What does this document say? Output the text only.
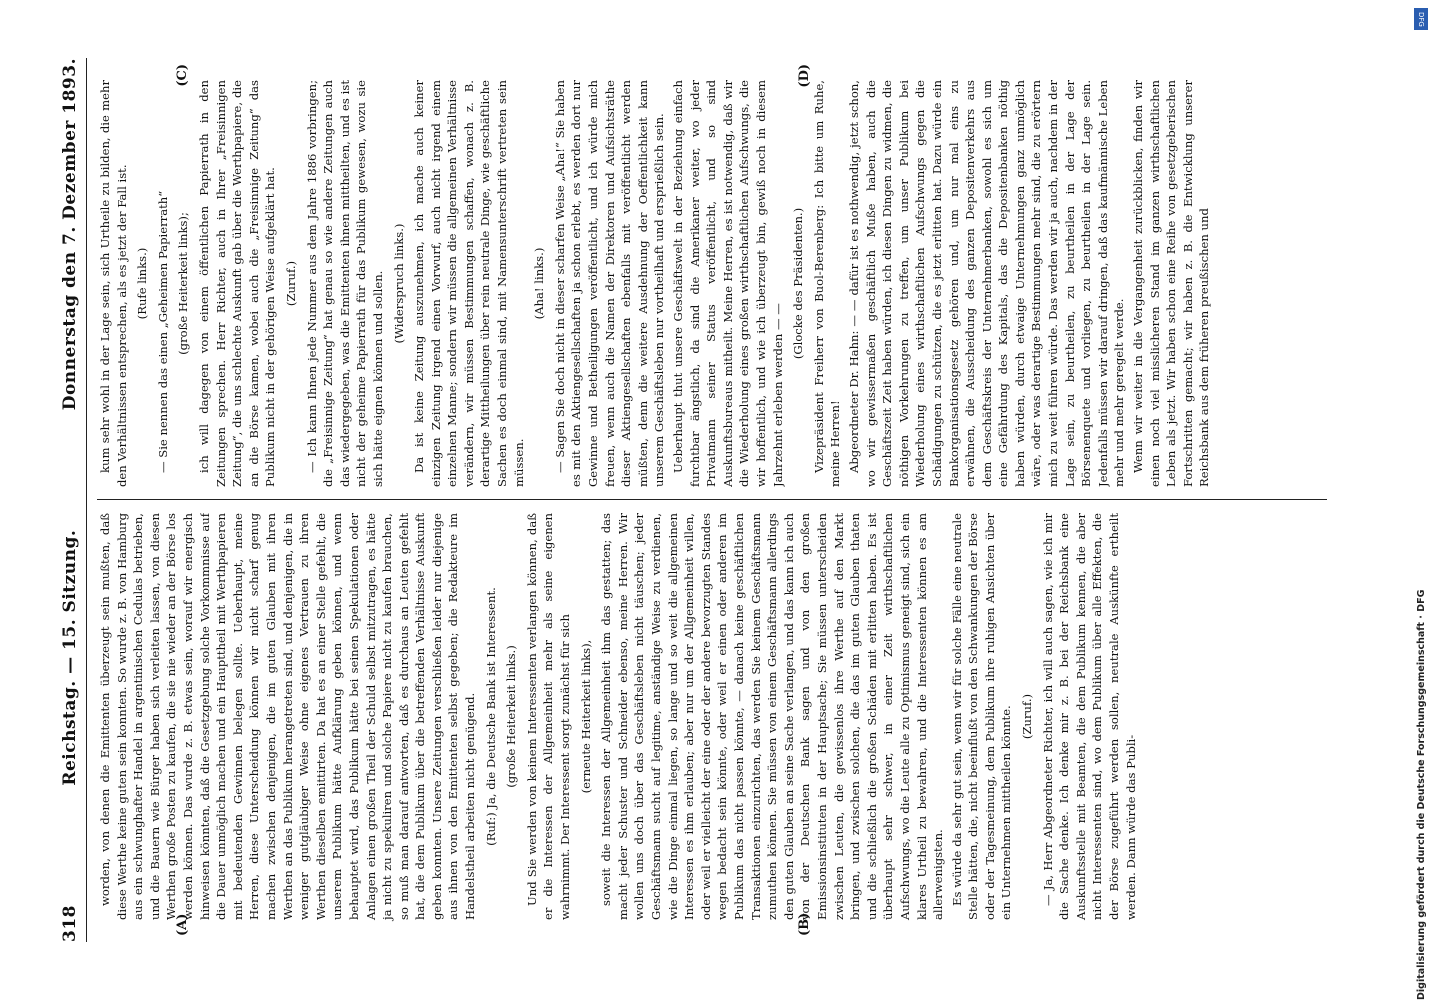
318
Reichstag. — 15. Sitzung.
Donnerstag den 7. Dezember 1893.
(A)	(B)
(C)	(D)

worden, von denen die Emittenten überzeugt sein mußten, daß diese Werthe keine guten sein konnten. So wurde z. B. von Hamburg aus ein schwunghafter Handel in argentinischen Cedulas betrieben, und die Bauern wie Bürger haben sich verleiten lassen, von diesen Werthen große Posten zu kaufen, die sie nie wieder an der Börse los werden können. Das wurde z. B. etwas sein, worauf wir energisch hinweisen könnten, daß die Gesetzgebung solche Vorkommnisse auf die Dauer unmöglich machen und ein Haupttheil mit Werthpapieren mit bedeutenden Gewinnen belegen sollte. Ueberhaupt, meine Herren, diese Unterscheidung können wir nicht scharf genug machen zwischen denjenigen, die im guten Glauben mit ihren Werthen an das Publikum herangetreten sind, und denjenigen, die in weniger gutgläubiger Weise ohne eigenes Vertrauen zu ihren Werthen dieselben emittirten. Da hat es an einer Stelle gefehlt, die unserem Publikum hätte Aufklärung geben können, und wenn behauptet wird, das Publikum hätte bei seinen Spekulationen oder Anlagen einen großen Theil der Schuld selbst mitzutragen, es hätte ja nicht zu spekuliren und solche Papiere nicht zu kaufen brauchen, so muß man darauf antworten, daß es durchaus an Leuten gefehlt hat, die dem Publikum über die betreffenden Verhältnisse Auskunft geben konnten. Unsere Zeitungen verschließen leider nur diejenige aus ihnen von den Emittenten selbst gegeben; die Redakteure im Handelstheil arbeiten nicht genügend. (Ruf:) Ja, die Deutsche Bank ist Interessent. (große Heiterkeit links.) Und Sie werden von keinem Interessenten verlangen können, daß er die Interessen der Allgemeinheit mehr als seine eigenen wahrnimmt. Der Interessent sorgt zunächst für sich (erneute Heiterkeit links), soweit die Interessen der Allgemeinheit ihm das gestatten; das macht jeder Schuster und Schneider ebenso, meine Herren. Wir wollen uns doch über das Geschäftsleben nicht täuschen; jeder Geschäftsmann sucht auf legitime, anständige Weise zu verdienen, wie die Dinge einmal liegen, so lange und so weit die allgemeinen Interessen es ihm erlauben; aber nur um der Allgemeinheit willen, oder weil er vielleicht der eine oder der andere bevorzugten Standes wegen bedacht sein könnte, oder weil er einen oder anderen im Publikum das nicht passen könnte, — danach keine geschäftlichen Transaktionen einzurichten, das werden Sie keinem Geschäftsmann zumuthen können. Sie müssen von einem Geschäftsmann allerdings den guten Glauben an seine Sache verlangen, und das kann ich auch von der Deutschen Bank sagen und von den großen Emissionsinstituten in der Hauptsache; Sie müssen unterscheiden zwischen Leuten, die gewissenlos ihre Werthe auf den Markt bringen, und zwischen solchen, die das im guten Glauben thaten und die schließlich die großen Schäden mit erlitten haben. Es ist überhaupt sehr schwer, in einer Zeit wirthschaftlichen Aufschwungs, wo die Leute alle zu Optimismus geneigt sind, sich ein klares Urtheil zu bewahren, und die Interessenten können es am allerwenigsten. Es würde da sehr gut sein, wenn wir für solche Fälle eine neutrale Stelle hätten, die, nicht beeinflußt von den Schwankungen der Börse oder der Tagesmeinung, dem Publikum ihre ruhigen Ansichten über ein Unternehmen mittheilen könnte. (Zuruf.) — Ja, Herr Abgeordneter Richter, ich will auch sagen, wie ich mir die Sache denke. Ich denke mir z. B. bei der Reichsbank eine Auskunftsstelle mit Beamten, die dem Publikum kennen, die aber nicht Interessenten sind, wo dem Publikum über alle Effekten, die der Börse zugeführt werden sollen, neutrale Auskünfte ertheilt werden. Dann würde das Publi-

kum sehr wohl in der Lage sein, sich Urtheile zu bilden, die mehr den Verhältnissen entsprechen, als es jetzt der Fall ist. (Rufe links.) — Sie nennen das einen „Geheimen Papierrath“ (große Heiterkeit links); ich will dagegen von einem öffentlichen Papierrath in den Zeitungen sprechen. Herr Richter, auch in Ihrer „Freisinnigen Zeitung“, die uns schlechte Auskunft gab über die Werthpapiere, die an die Börse kamen, wobei auch die „Freisinnige Zeitung“ das Publikum nicht in der gehörigen Weise aufgeklärt hat. (Zuruf.) — Ich kann Ihnen jede Nummer aus dem Jahre 1886 vorbringen; die „Freisinnige Zeitung“ hat genau so wie andere Zeitungen auch das wiedergegeben, was die Emittenten ihnen mittheilten, und es ist nicht der geheime Papierrath für das Publikum gewesen, wozu sie sich hätte eignen können und sollen. (Widerspruch links.) Da ist keine Zeitung auszunehmen, ich mache auch keiner einzigen Zeitung irgend einen Vorwurf, auch nicht irgend einem einzelnen Manne; sondern wir müssen die allgemeinen Verhältnisse verändern, wir müssen Bestimmungen schaffen, wonach z. B. derartige Mittheilungen über rein neutrale Dinge, wie geschäftliche Sachen es doch einmal sind, mit Namensunterschrift vertreten sein müssen.

(Aha! links.) — Sagen Sie doch nicht in dieser scharfen Weise „Aha!“ Sie haben es mit den Aktiengesellschaften ja schon erlebt, es werden dort nur Gewinne und Betheiligungen veröffentlicht, und ich würde mich freuen, wenn auch die Namen der Direktoren und Aufsichtsräthe dieser Aktiengesellschaften ebenfalls mit veröffentlicht werden müßten, denn die weitere Ausdehnung der Oeffentlichkeit kann unserem Geschäftsleben nur vortheilhaft und ersprießlich sein. Ueberhaupt thut unsere Geschäftswelt in der Beziehung einfach furchtbar ängstlich, da sind die Amerikaner weiter, wo jeder Privatmann seiner Status veröffentlicht, und so sind Auskunftsbureaus mitheilt. Meine Herren, es ist notwendig, daß wir die Wiederholung eines großen wirthschaftlichen Aufschwungs, die wir hoffentlich, und wie ich überzeugt bin, gewiß noch in diesem Jahrzehnt erleben werden — —

(Glocke des Präsidenten.) Vizepräsident Freiherr von Buol-Berenberg: Ich bitte um Ruhe, meine Herren! Abgeordneter Dr. Hahn: — — dafür ist es nothwendig, jetzt schon, wo wir gewissermaßen geschäftlich Muße haben, auch die Geschäftszeit Zeit haben würden, ich diesen Dingen zu widmen, die nöthigen Vorkehrungen zu treffen, um unser Publikum bei Wiederholung eines wirthschaftlichen Aufschwungs gegen die Schädigungen zu schützen, die es jetzt erlitten hat. Dazu würde ein Bankorganisationsgesetz gehören und, um nur mal eins zu erwähnen, die Ausscheidung des ganzen Depositenverkehrs aus dem Geschäftskreis der Unternehmerbanken, sowohl es sich um eine Gefährdung des Kapitals, das die Depositenbanken nöthig haben würden, durch etwaige Unternehmungen ganz unmöglich wäre, oder was derartige Bestimmungen mehr sind, die zu erörtern mich zu weit führen würde. Das werden wir ja auch, nachdem in der Lage sein, zu beurtheilen, zu beurtheilen in der Lage der Börsenenquete und vorliegen, zu beurtheilen in der Lage sein. Jedenfalls müssen wir darauf dringen, daß das kaufmännische Leben mehr und mehr geregelt werde. Wenn wir weiter in die Vergangenheit zurückblicken, finden wir einen noch viel misslicheren Stand im ganzen wirthschaftlichen Leben als jetzt. Wir haben schon eine Reihe von gesetzgeberischen Fortschritten gemacht; wir haben z. B. die Entwicklung unserer Reichsbank aus dem früheren preußischen und

DFG
Digitalisierung gefördert durch die Deutsche Forschungsgemeinschaft · DFG
